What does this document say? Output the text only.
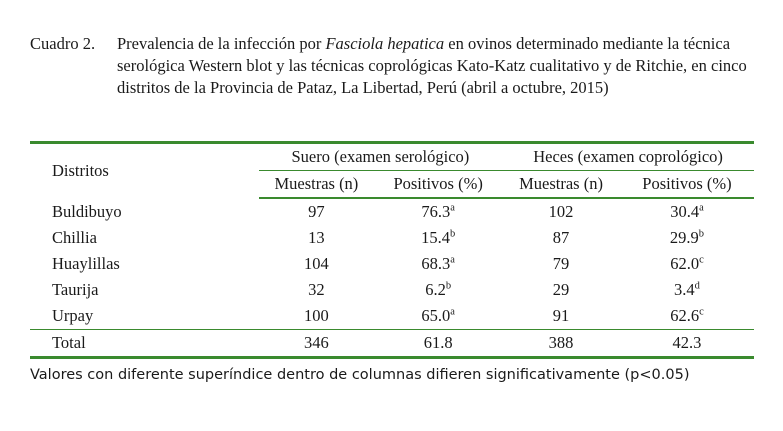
Cuadro 2.	Prevalencia de la infección por Fasciola hepatica en ovinos determinado mediante la técnica serológica Western blot y las técnicas coprológicas Kato-Katz cualitativo y de Ritchie, en cinco distritos de la Provincia de Pataz, La Libertad, Perú (abril a octubre, 2015)
Distritos	Suero (examen serológico)		Heces (examen coprológico)	
	Muestras (n)	Positivos (%)	Muestras (n)	Positivos (%)
Buldibuyo	97	76.3$^a$	102	30.4$^a$
Chillia	13	15.4$^b$	87	29.9$^b$
Huaylillas	104	68.3$^a$	79	62.0$^c$
Taurija	32	6.2$^b$	29	3.4$^d$
Urpay	100	65.0$^a$	91	62.6$^c$
Total	346	61.8	388	42.3
Valores con diferente superíndice dentro de columnas difieren significativamente (p<0.05)
